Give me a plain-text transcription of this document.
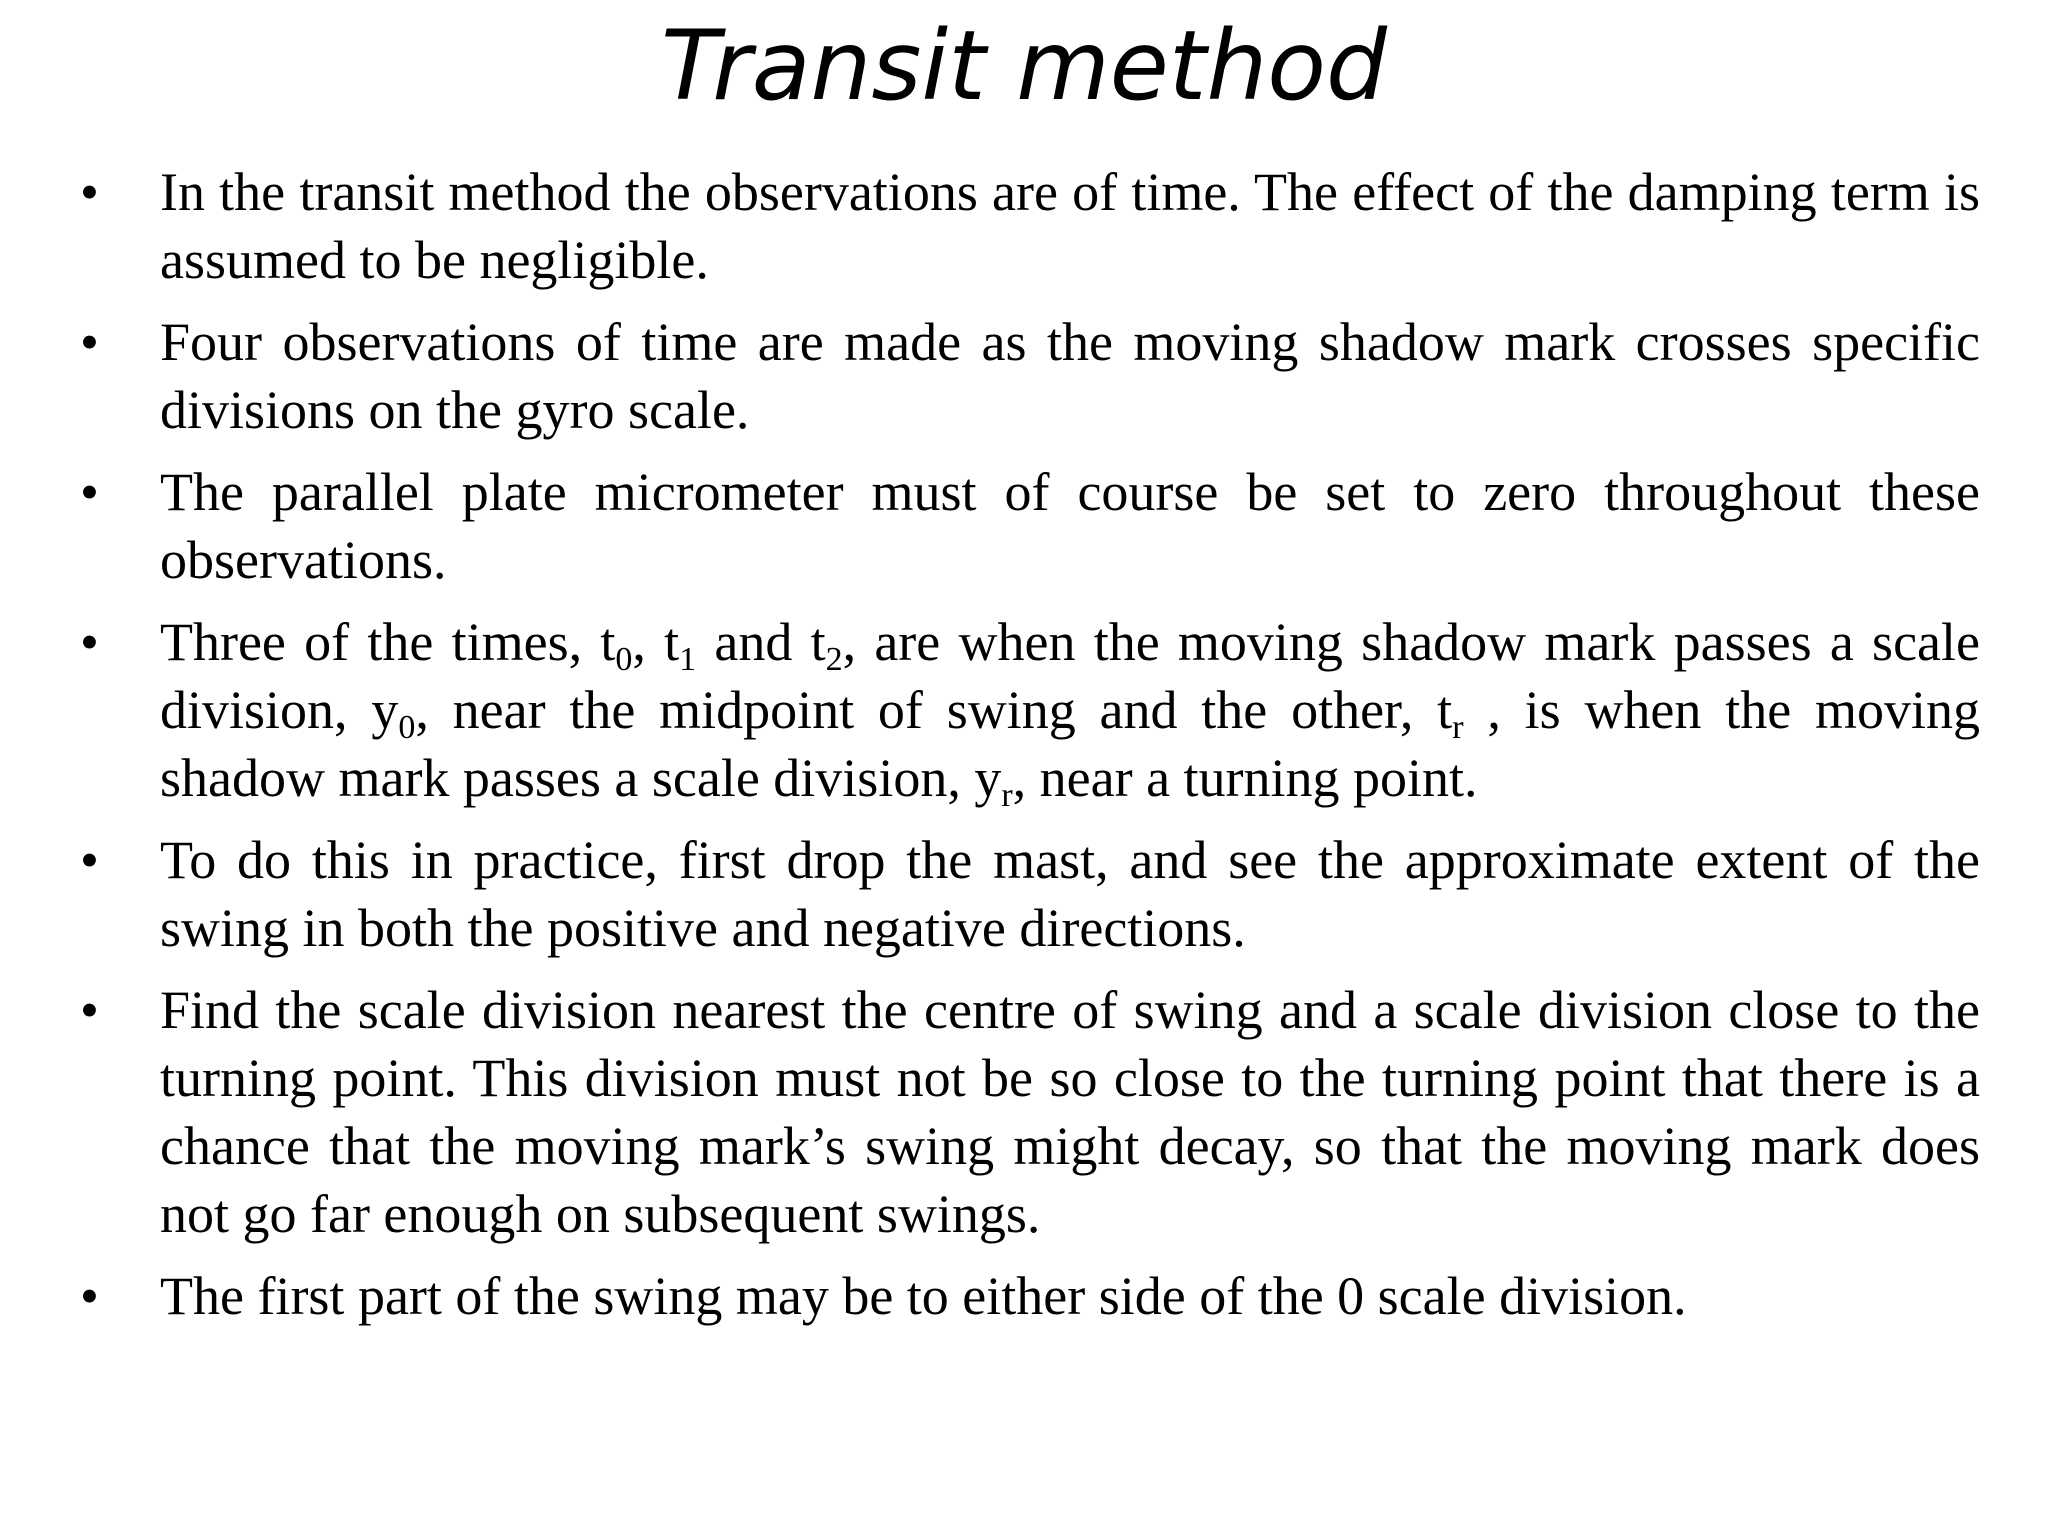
Transit method
•	In the transit method the observations are of time. The effect of the damping term is assumed to be negligible.
•	Four observations of time are made as the moving shadow mark crosses specific divisions on the gyro scale.
•	The parallel plate micrometer must of course be set to zero throughout these observations.
•	Three of the times, $t_0$, $t_1$ and $t_2$, are when the moving shadow mark passes a scale division, $y_0$, near the midpoint of swing and the other, $t_r$ , is when the moving shadow mark passes a scale division, $y_r$, near a turning point.
•	To do this in practice, first drop the mast, and see the approximate extent of the swing in both the positive and negative directions.
•	Find the scale division nearest the centre of swing and a scale division close to the turning point. This division must not be so close to the turning point that there is a chance that the moving mark’s swing might decay, so that the moving mark does not go far enough on subsequent swings.
•	The first part of the swing may be to either side of the 0 scale division.
